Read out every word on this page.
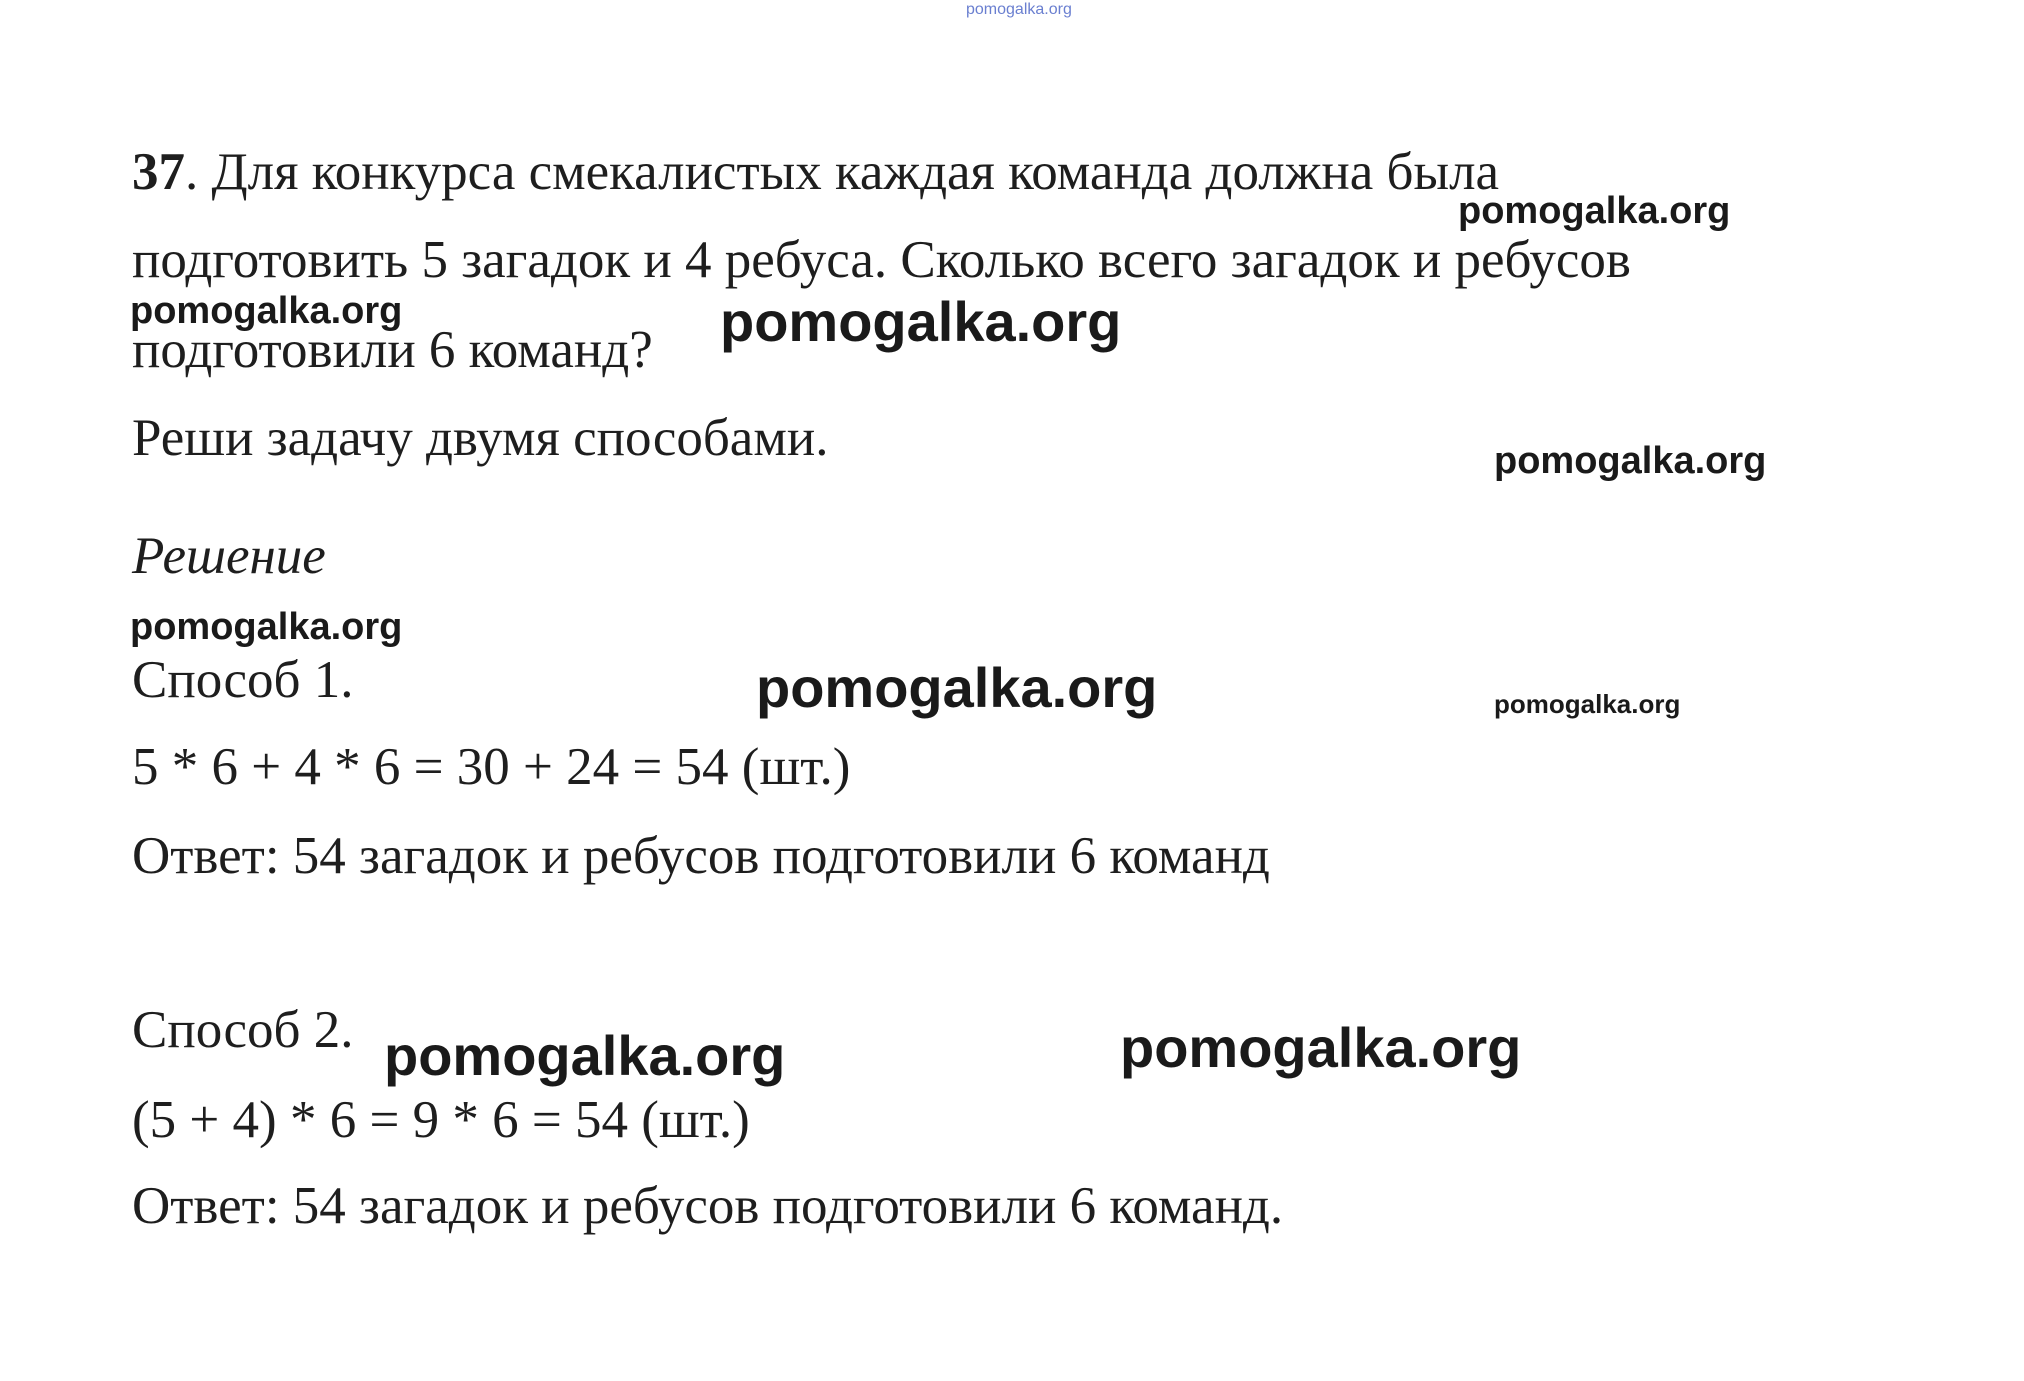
pomogalka.org
37. Для конкурса смекалистых каждая команда должна была
pomogalka.org
подготовить 5 загадок и 4 ребуса. Сколько всего загадок и ребусов
pomogalka.org
подготовили 6 команд? pomogalka.org
Реши задачу двумя способами.	pomogalka.org
Решение
pomogalka.org
Способ 1.	pomogalka.org	pomogalka.org
5 * 6 + 4 * 6 = 30 + 24 = 54 (шт.)
Ответ: 54 загадок и ребусов подготовили 6 команд
Способ 2. pomogalka.org	pomogalka.org
(5 + 4) * 6 = 9 * 6 = 54 (шт.)
Ответ: 54 загадок и ребусов подготовили 6 команд.
